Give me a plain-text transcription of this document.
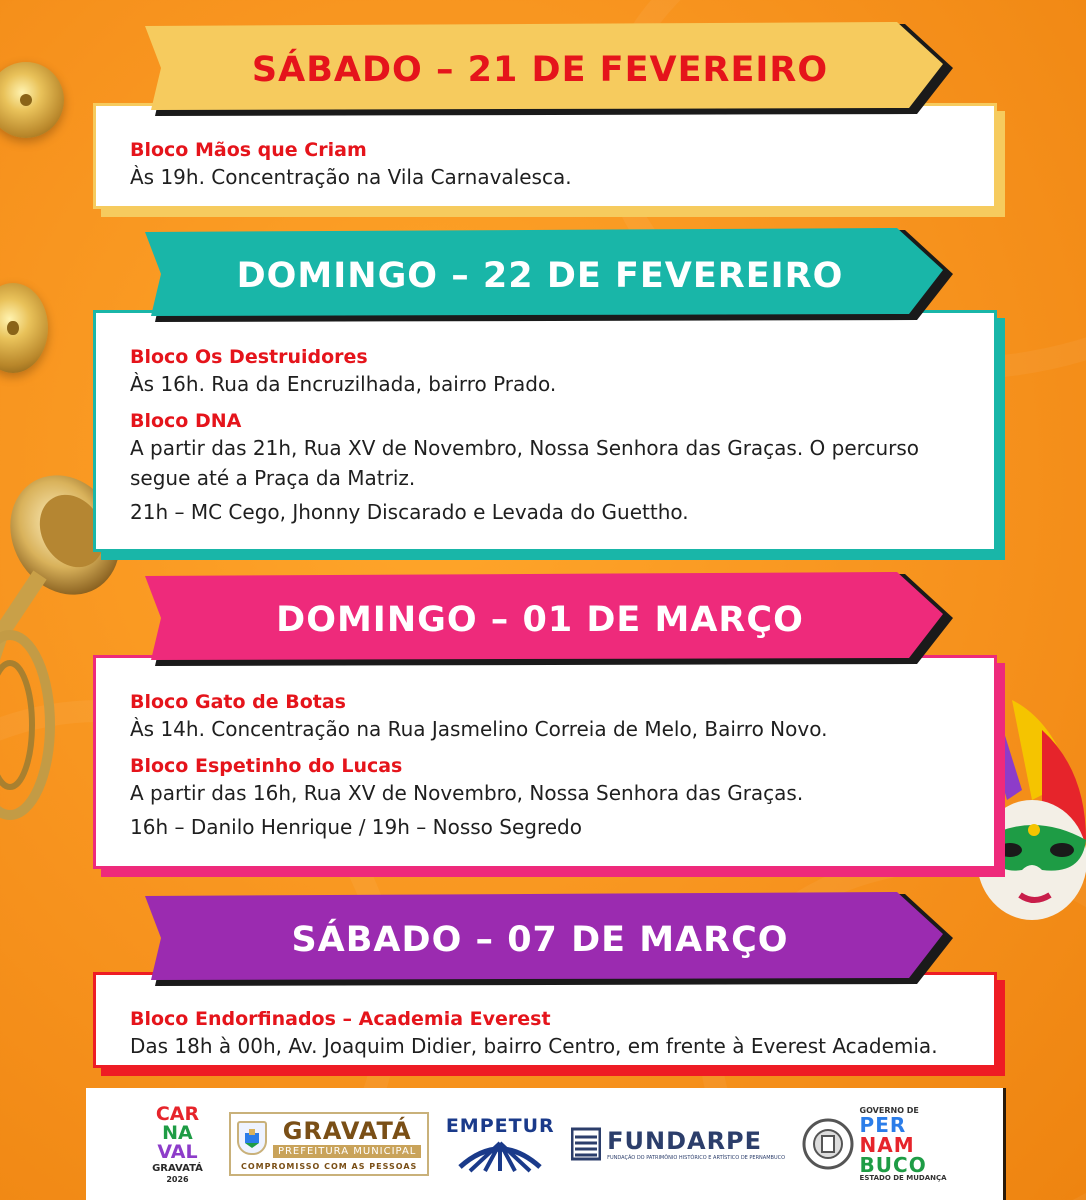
Bloco Mãos que Criam
Às 19h. Concentração na Vila Carnavalesca.
SÁBADO – 21 DE FEVEREIRO
Bloco Os Destruidores
Às 16h. Rua da Encruzilhada, bairro Prado.
Bloco DNA
A partir das 21h, Rua XV de Novembro, Nossa Senhora das Graças. O percurso segue até a Praça da Matriz.
21h – MC Cego, Jhonny Discarado e Levada do Guettho.
DOMINGO – 22 DE FEVEREIRO
Bloco Gato de Botas
Às 14h. Concentração na Rua Jasmelino Correia de Melo, Bairro Novo.
Bloco Espetinho do Lucas
A partir das 16h, Rua XV de Novembro, Nossa Senhora das Graças.
16h – Danilo Henrique / 19h – Nosso Segredo
DOMINGO – 01 DE MARÇO
Bloco Endorfinados – Academia Everest
Das 18h à 00h, Av. Joaquim Didier, bairro Centro, em frente à Everest Academia.
SÁBADO – 07 DE MARÇO
CAR
NA
VAL
GRAVATÁ
2026
GRAVATÁ
PREFEITURA MUNICIPAL
COMPROMISSO COM AS PESSOAS
EMPETUR
FUNDARPE
FUNDAÇÃO DO PATRIMÔNIO HISTÓRICO E ARTÍSTICO DE PERNAMBUCO
GOVERNO DE
PER
NAM
BUCO
ESTADO DE MUDANÇA
